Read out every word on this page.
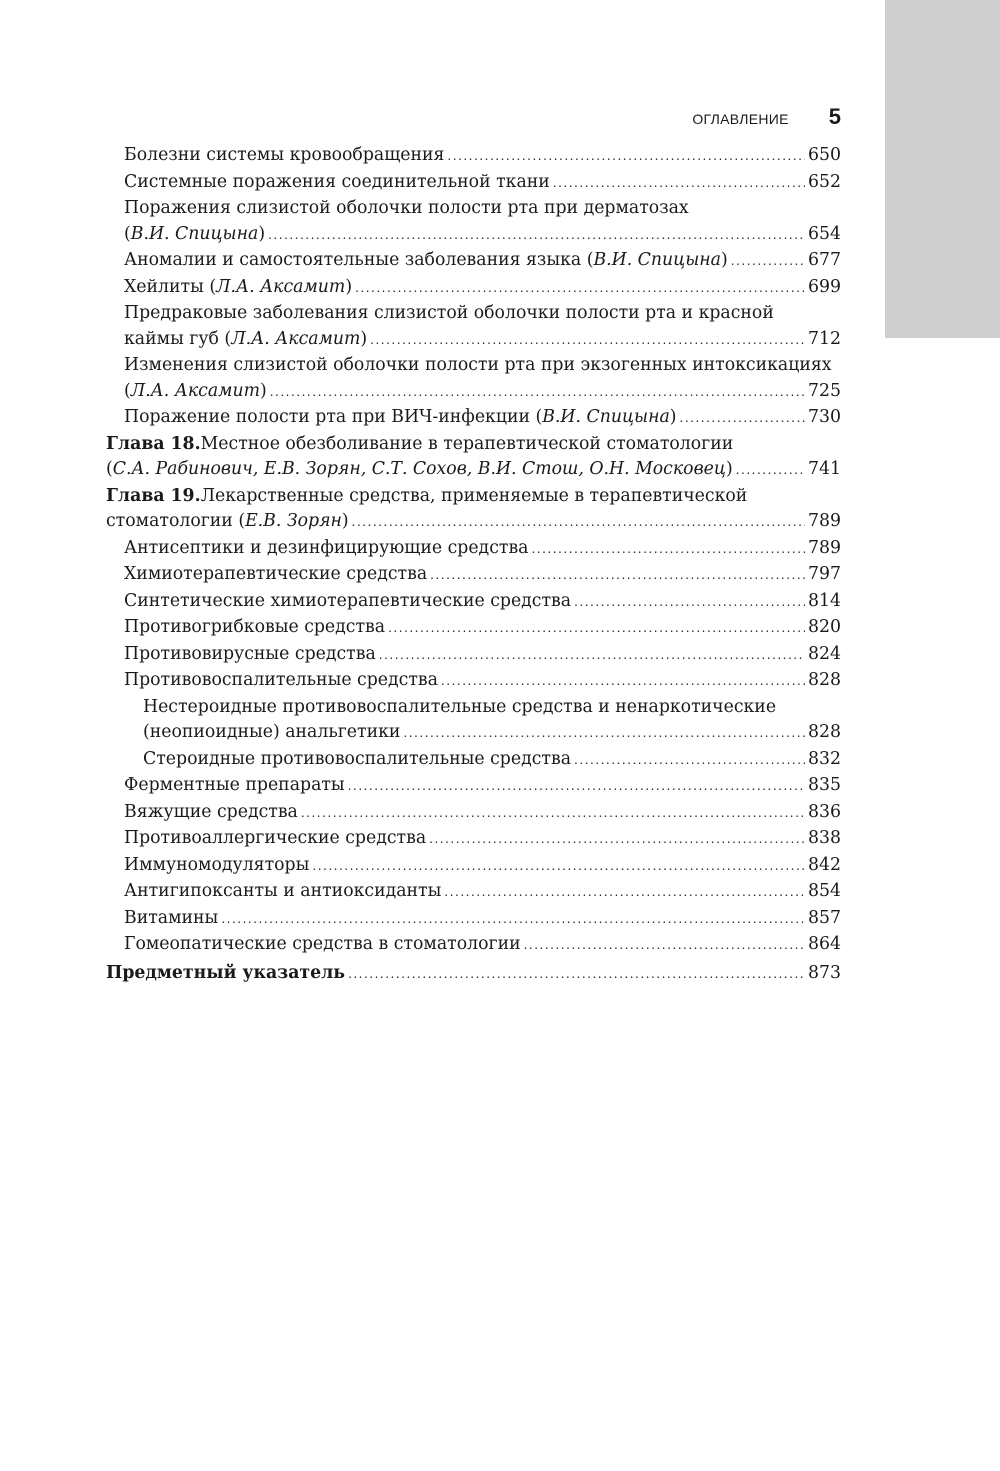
ОГЛАВЛЕНИЕ 5
Болезни системы кровообращения .....	650
Системные поражения соединительной ткани .....	652
Поражения слизистой оболочки полости рта при дерматозах
( В.И. Спицына ) .....	654
Аномалии и самостоятельные заболевания языка ( В.И. Спицына ) .....	677
Хейлиты ( Л.А. Аксамит ) .....	699
Предраковые заболевания слизистой оболочки полости рта и красной
каймы губ ( Л.А. Аксамит ) .....	712
Изменения слизистой оболочки полости рта при экзогенных интоксикациях
( Л.А. Аксамит ) .....	725
Поражение полости рта при ВИЧ-инфекции ( В.И. Спицына ) .....	730
Глава 18. Местное обезболивание в терапевтической стоматологии
( С.А. Рабинович, Е.В. Зорян, С.Т. Сохов, В.И. Стош, О.Н. Московец ) .....	741
Глава 19. Лекарственные средства, применяемые в терапевтической
стоматологии ( Е.В. Зорян ) .....	789
Антисептики и дезинфицирующие средства .....	789
Химиотерапевтические средства .....	797
Синтетические химиотерапевтические средства .....	814
Противогрибковые средства .....	820
Противовирусные средства .....	824
Противовоспалительные средства .....	828
Нестероидные противовоспалительные средства и ненаркотические
(неопиоидные) анальгетики .....	828
Стероидные противовоспалительные средства .....	832
Ферментные препараты .....	835
Вяжущие средства .....	836
Противоаллергические средства .....	838
Иммуномодуляторы .....	842
Антигипоксанты и антиоксиданты .....	854
Витамины .....	857
Гомеопатические средства в стоматологии .....	864
Предметный указатель .....	873
